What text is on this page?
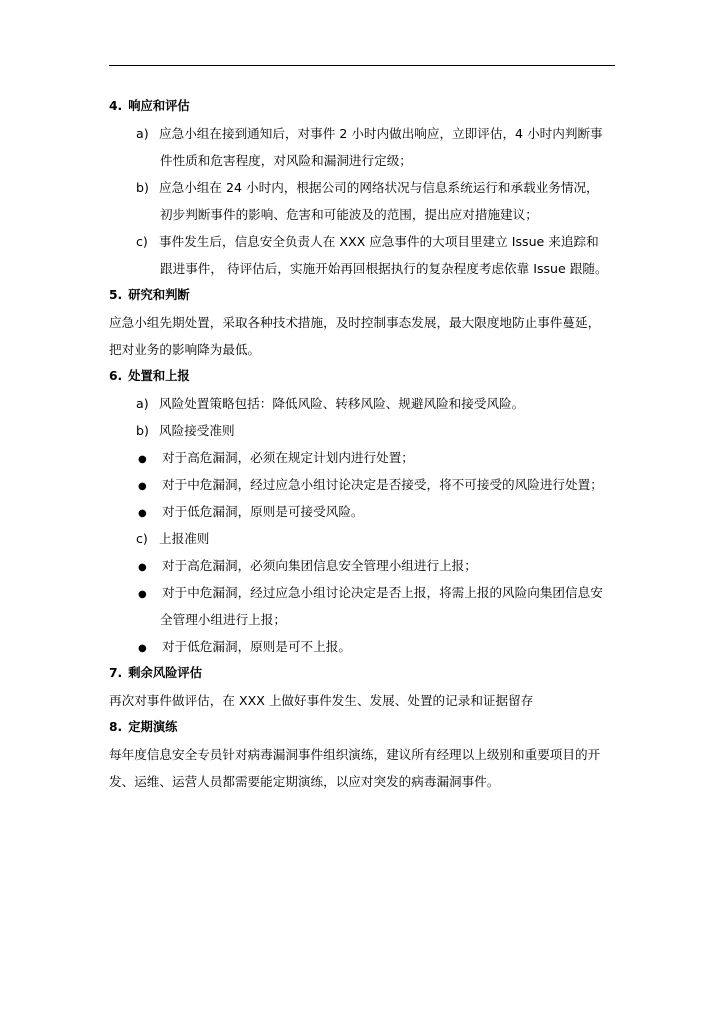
4. 响应和评估
a) 应急小组在接到通知后，对事件 2 小时内做出响应，立即评估，4 小时内判断事
件性质和危害程度，对风险和漏洞进行定级；
b) 应急小组在 24 小时内，根据公司的网络状况与信息系统运行和承载业务情况，
初步判断事件的影响、危害和可能波及的范围，提出应对措施建议；
c) 事件发生后，信息安全负责人在 XXX 应急事件的大项目里建立 Issue 来追踪和
跟进事件， 待评估后，实施开始再回根据执行的复杂程度考虑依靠 Issue 跟随。
5. 研究和判断
应急小组先期处置，采取各种技术措施，及时控制事态发展，最大限度地防止事件蔓延，
把对业务的影响降为最低。
6. 处置和上报
a) 风险处置策略包括：降低风险、转移风险、规避风险和接受风险。
b) 风险接受准则
● 对于高危漏洞，必须在规定计划内进行处置；
● 对于中危漏洞，经过应急小组讨论决定是否接受，将不可接受的风险进行处置；
● 对于低危漏洞，原则是可接受风险。
c) 上报准则
● 对于高危漏洞，必须向集团信息安全管理小组进行上报；
● 对于中危漏洞，经过应急小组讨论决定是否上报，将需上报的风险向集团信息安
全管理小组进行上报；
● 对于低危漏洞，原则是可不上报。
7. 剩余风险评估
再次对事件做评估，在 XXX 上做好事件发生、发展、处置的记录和证据留存
8. 定期演练
每年度信息安全专员针对病毒漏洞事件组织演练，建议所有经理以上级别和重要项目的开
发、运维、运营人员都需要能定期演练，以应对突发的病毒漏洞事件。
